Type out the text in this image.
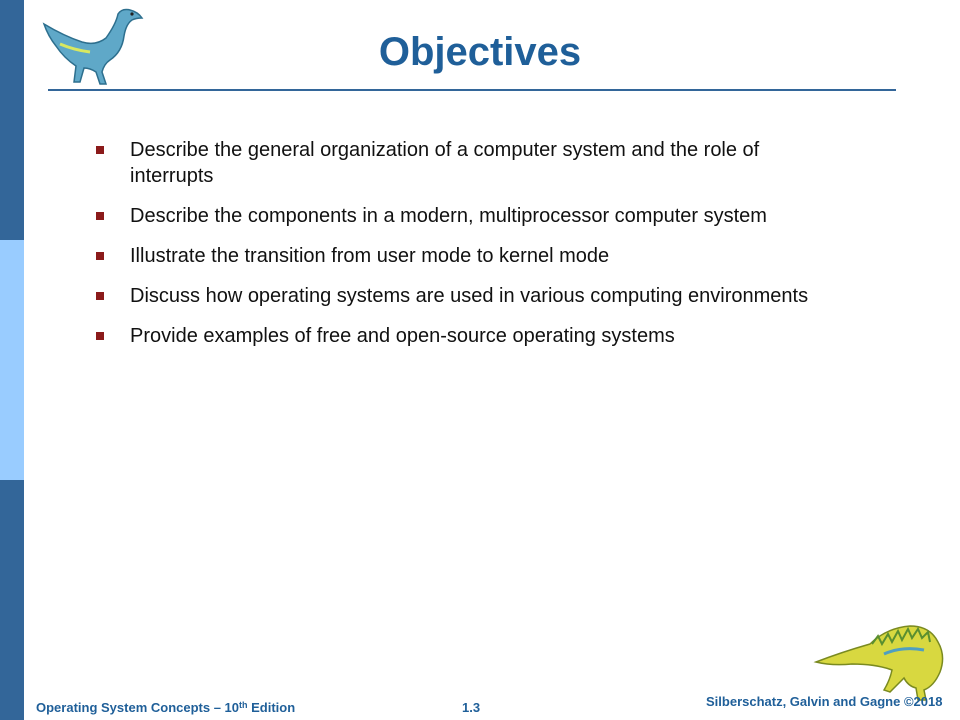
Objectives
Describe the general organization of a computer system and the role of interrupts
Describe the components in a modern, multiprocessor computer system
Illustrate the transition from user mode to kernel mode
Discuss how operating systems are used in various computing environments
Provide examples of free and open-source operating systems
Operating System Concepts – 10th Edition	1.3	Silberschatz, Galvin and Gagne ©2018
